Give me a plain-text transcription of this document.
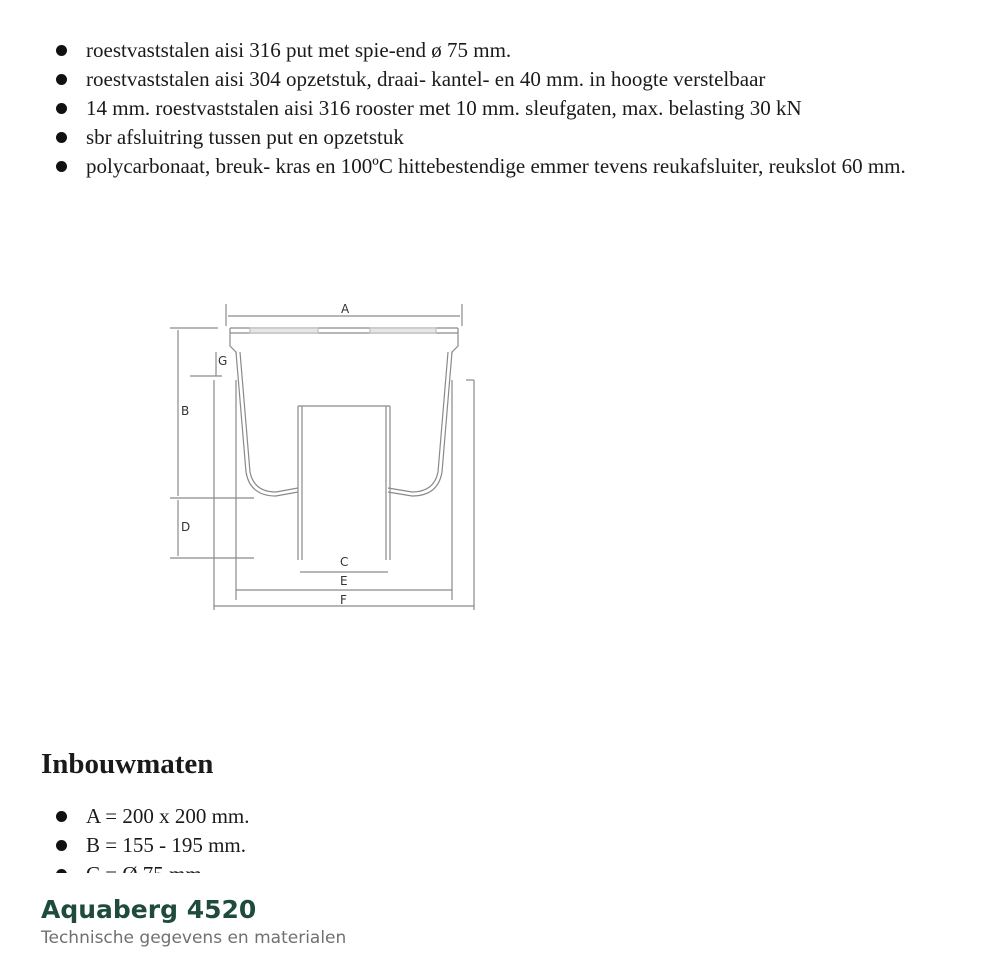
roestvaststalen aisi 316 put met spie-end ø 75 mm.
roestvaststalen aisi 304 opzetstuk, draai- kantel- en 40 mm. in hoogte verstelbaar
14 mm. roestvaststalen aisi 316 rooster met 10 mm. sleufgaten, max. belasting 30 kN
sbr afsluitring tussen put en opzetstuk
polycarbonaat, breuk- kras en 100ºC hittebestendige emmer tevens reukafsluiter, reukslot 60 mm.
A
G
B
D
C
E
F
Inbouwmaten
A = 200 x 200 mm.
B = 155 - 195 mm.
Aquaberg 4520
Technische gegevens en materialen
